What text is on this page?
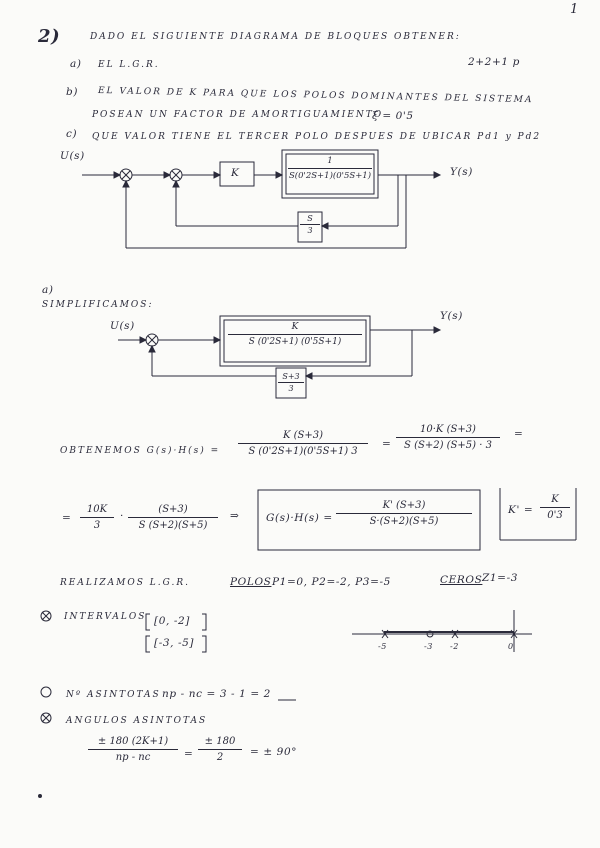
1
2)	DADO EL SIGUIENTE DIAGRAMA DE BLOQUES OBTENER:
a) EL L.G.R.	2+2+1 p
b) EL VALOR DE K PARA QUE LOS POLOS DOMINANTES DEL SISTEMA
POSEAN UN FACTOR DE AMORTIGUAMIENTO
ξ = 0'5
c) QUE VALOR TIENE EL TERCER POLO DESPUES DE UBICAR Pd1 y Pd2
U(s)
Y(s)
K	$\frac{1}{S(0'2S+1)(0'5S+1)}$
$\frac{S}{3}$
a)
SIMPLIFICAMOS:
U(s)
Y(s)
$\frac{K}{S (0'2S+1) (0'5S+1)}$
$\frac{S+3}{3}$
OBTENEMOS $G(s)\cdot H(s) = \frac{K (S+3)}{S (0'2S+1)(0'5S+1) 3} = \frac{10\cdot K (S+3)}{S (S+2) (S+5) \cdot 3}$ =
= $\frac{10K}{3} \cdot \frac{(S+3)}{S (S+2)(S+5)}$ ⇒	$G(s)\cdot H(s) = \frac{K' (S+3)}{S\cdot(S+2)(S+5)}$	$K' = \frac{K}{0'3}$
REALIZAMOS L.G.R.	POLOS P1=0, P2=-2, P3=-5	CEROS Z1=-3
INTERVALOS [0, -2]
[-3, -5]	-5	-3 -2	0
Nº ASINTOTAS np - nc = 3 - 1 = 2
ANGULOS ASINTOTAS
$\frac{\pm 180 (2K+1)}{np - nc} = \frac{\pm 180}{2}$ = ± 90°
